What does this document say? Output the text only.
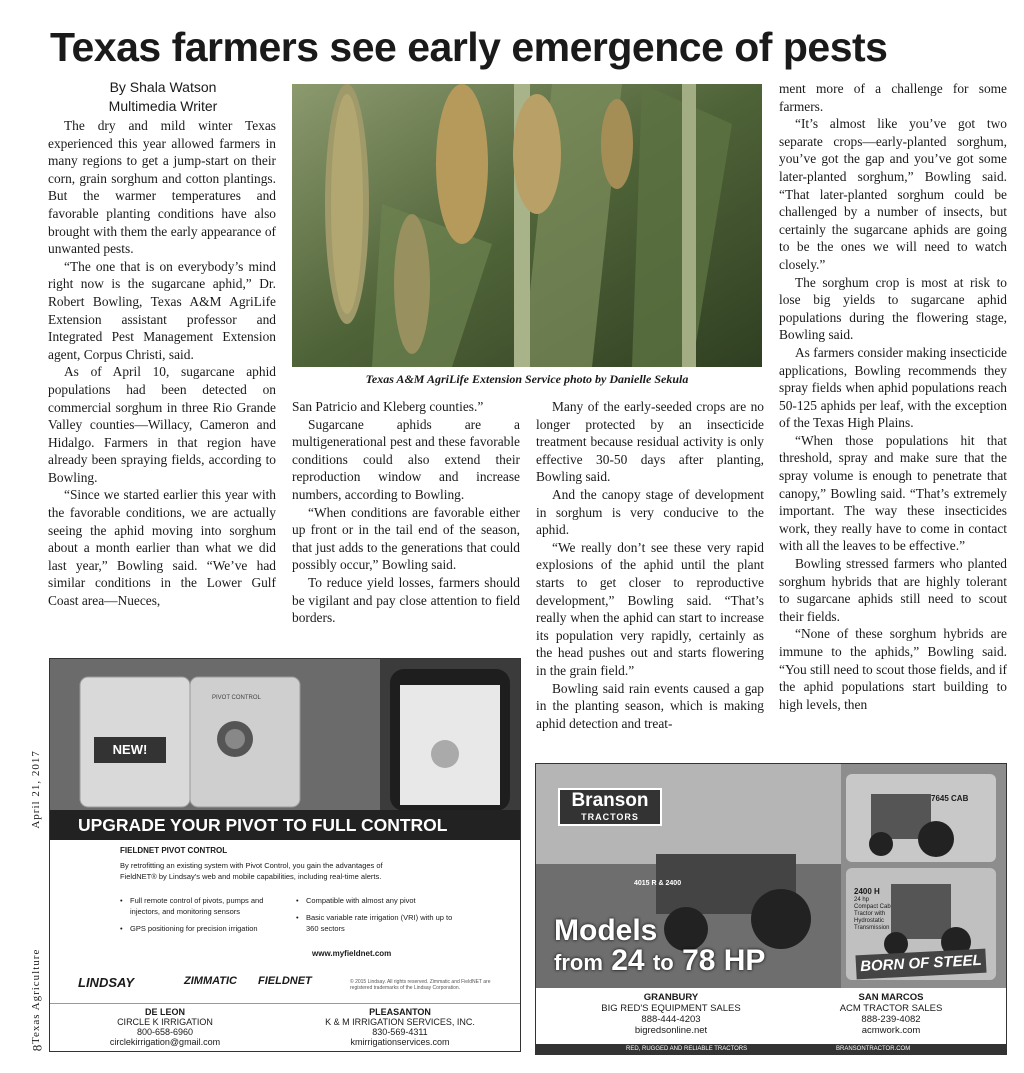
Texas farmers see early emergence of pests
By Shala Watson
Multimedia Writer

The dry and mild winter Texas experienced this year allowed farmers in many regions to get a jump-start on their corn, grain sorghum and cotton plantings. But the warmer temperatures and favorable planting conditions have also brought with them the early appearance of unwanted pests.

“The one that is on everybody’s mind right now is the sugarcane aphid,” Dr. Robert Bowling, Texas A&M AgriLife Extension assistant professor and Integrated Pest Management Extension agent, Corpus Christi, said.

As of April 10, sugarcane aphid populations had been detected on commercial sorghum in three Rio Grande Valley counties—Willacy, Cameron and Hidalgo. Farmers in that region have already been spraying fields, according to Bowling.

“Since we started earlier this year with the favorable conditions, we are actually seeing the aphid moving into sorghum about a month earlier than what we did last year,” Bowling said. “We’ve had similar conditions in the Lower Gulf Coast area—Nueces,

Texas A&M AgriLife Extension Service photo by Danielle Sekula

San Patricio and Kleberg counties.”

Sugarcane aphids are a multigenerational pest and these favorable conditions could also extend their reproduction window and increase numbers, according to Bowling.

“When conditions are favorable either up front or in the tail end of the season, that just adds to the generations that could possibly occur,” Bowling said.

To reduce yield losses, farmers should be vigilant and pay close attention to field borders.

Many of the early-seeded crops are no longer protected by an insecticide treatment because residual activity is only effective 30-50 days after planting, Bowling said.

And the canopy stage of development in sorghum is very conducive to the aphid.

“We really don’t see these very rapid explosions of the aphid until the plant starts to get closer to reproductive development,” Bowling said. “That’s really when the aphid can start to increase its population very rapidly, certainly as the head pushes out and starts flowering in the grain field.”

Bowling said rain events caused a gap in the planting season, which is making aphid detection and treat-

ment more of a challenge for some farmers.

“It’s almost like you’ve got two separate crops—early-planted sorghum, you’ve got the gap and you’ve got some later-planted sorghum,” Bowling said. “That later-planted sorghum could be challenged by a number of insects, but certainly the sugarcane aphids are going to be the ones we will need to watch closely.”

The sorghum crop is most at risk to lose big yields to sugarcane aphid populations during the flowering stage, Bowling said.

As farmers consider making insecticide applications, Bowling recommends they spray fields when aphid populations reach 50-125 aphids per leaf, with the exception of the Texas High Plains.

“When those populations hit that threshold, spray and make sure that the spray volume is enough to penetrate that canopy,” Bowling said. “That’s extremely important. The way these insecticides work, they really have to come in contact with all the leaves to be effective.”

Bowling stressed farmers who planted sorghum hybrids that are highly tolerant to sugarcane aphids still need to scout their fields.

“None of these sorghum hybrids are immune to the aphids,” Bowling said. “You still need to scout those fields, and if the aphid populations start building to high levels, then

Texas Agriculture                                April 21, 2017
8
PIVOT CONTROL
NEW!
UPGRADE YOUR PIVOT TO FULL CONTROL
FIELDNET PIVOT CONTROL
By retrofitting an existing system with Pivot Control, you gain the advantages of FieldNET® by Lindsay’s web and mobile capabilities, including real-time alerts.
• Full remote control of pivots, pumps and injectors, and monitoring sensors
• GPS positioning for precision irrigation
• Compatible with almost any pivot
• Basic variable rate irrigation (VRI) with up to 360 sectors
www.myfieldnet.com
LINDSAY	ZIMMATIC FIELDNET	© 2015 Lindsay. All rights reserved. Zimmatic and FieldNET are registered trademarks of the Lindsay Corporation.
DE LEON
CIRCLE K IRRIGATION
800-658-6960
circlekirrigation@gmail.com
PLEASANTON
K & M IRRIGATION SERVICES, INC.
830-569-4311
kmirrigationservices.com
Branson
TRACTORS
4015 R & 2400
7645 CAB
2400 H
24 hp Compact Cab Tractor with Hydrostatic Transmission
Models
from 24 to 78 HP	BORN OF STEEL
GRANBURY
BIG RED'S EQUIPMENT SALES
888-444-4203
bigredsonline.net
SAN MARCOS
ACM TRACTOR SALES
888-239-4082
acmwork.com
RED, RUGGED AND RELIABLE TRACTORS	BRANSONTRACTOR.COM
